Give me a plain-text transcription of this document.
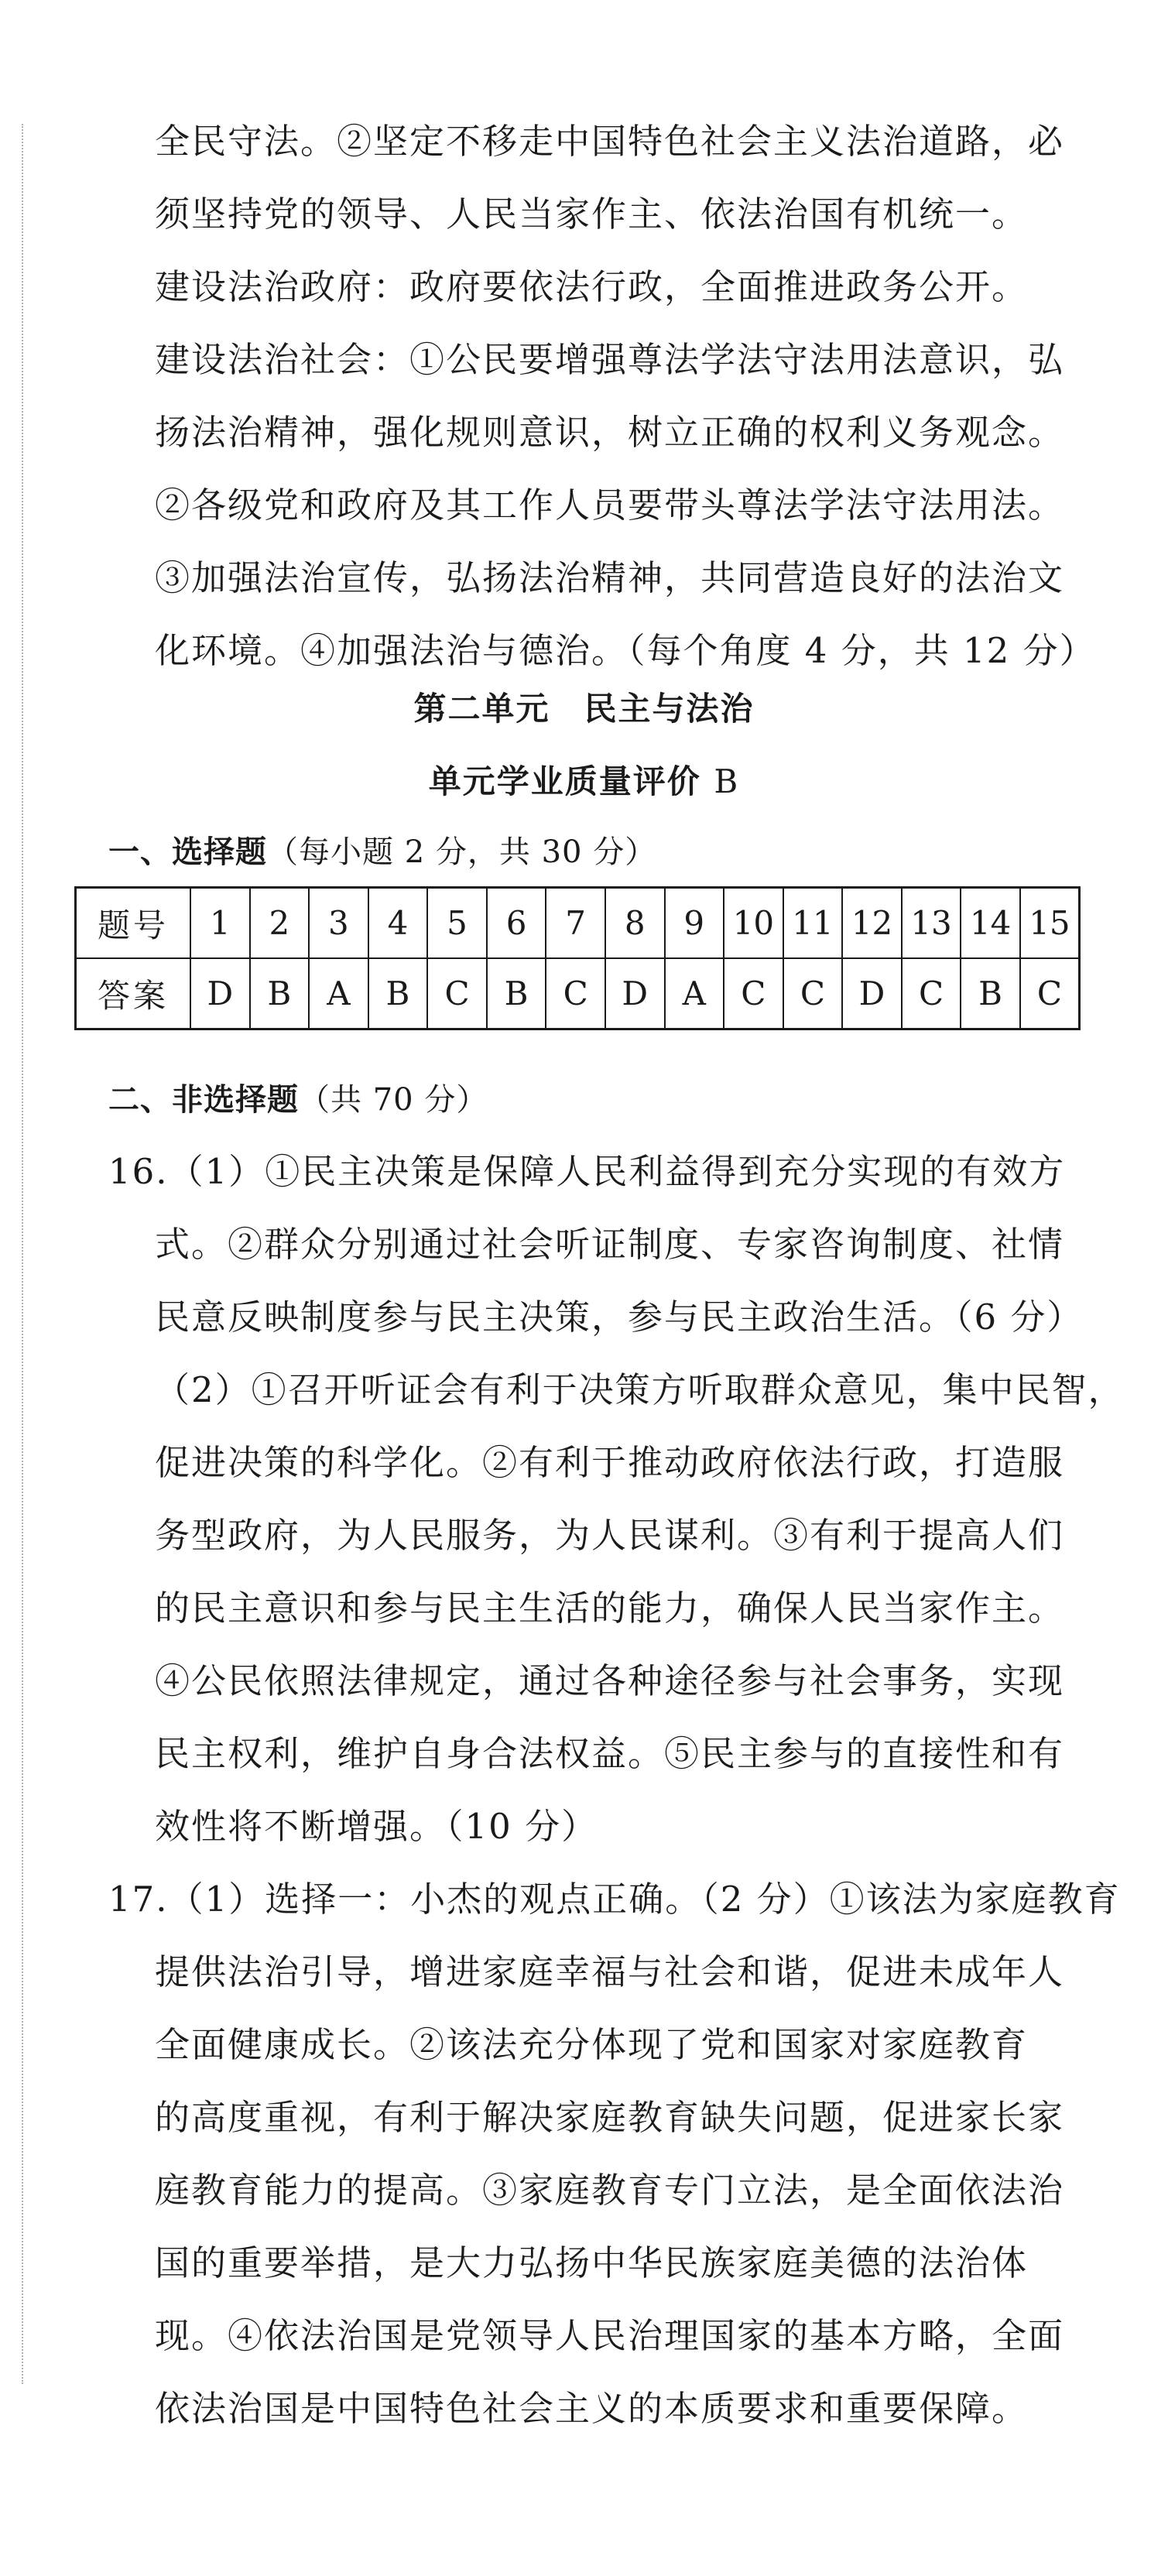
全民守法。②坚定不移走中国特色社会主义法治道路，必
须坚持党的领导、人民当家作主、依法治国有机统一。
建设法治政府：政府要依法行政，全面推进政务公开。
建设法治社会：①公民要增强尊法学法守法用法意识，弘
扬法治精神，强化规则意识，树立正确的权利义务观念。
②各级党和政府及其工作人员要带头尊法学法守法用法。
③加强法治宣传，弘扬法治精神，共同营造良好的法治文
化环境。④加强法治与德治。（每个角度 4 分，共 12 分）
第二单元　民主与法治
单元学业质量评价 B
一、选择题（每小题 2 分，共 30 分）
题号	1	2	3	4	5	6	7	8	9	10	11	12	13	14	15
答案	D	B	A	B	C	B	C	D	A	C	C	D	C	B	C
二、非选择题（共 70 分）
16.（1）①民主决策是保障人民利益得到充分实现的有效方
式。②群众分别通过社会听证制度、专家咨询制度、社情
民意反映制度参与民主决策，参与民主政治生活。（6 分）
（2）①召开听证会有利于决策方听取群众意见，集中民智，
促进决策的科学化。②有利于推动政府依法行政，打造服
务型政府，为人民服务，为人民谋利。③有利于提高人们
的民主意识和参与民主生活的能力，确保人民当家作主。
④公民依照法律规定，通过各种途径参与社会事务，实现
民主权利，维护自身合法权益。⑤民主参与的直接性和有
效性将不断增强。（10 分）
17.（1）选择一：小杰的观点正确。（2 分）①该法为家庭教育
提供法治引导，增进家庭幸福与社会和谐，促进未成年人
全面健康成长。②该法充分体现了党和国家对家庭教育
的高度重视，有利于解决家庭教育缺失问题，促进家长家
庭教育能力的提高。③家庭教育专门立法，是全面依法治
国的重要举措，是大力弘扬中华民族家庭美德的法治体
现。④依法治国是党领导人民治理国家的基本方略，全面
依法治国是中国特色社会主义的本质要求和重要保障。
